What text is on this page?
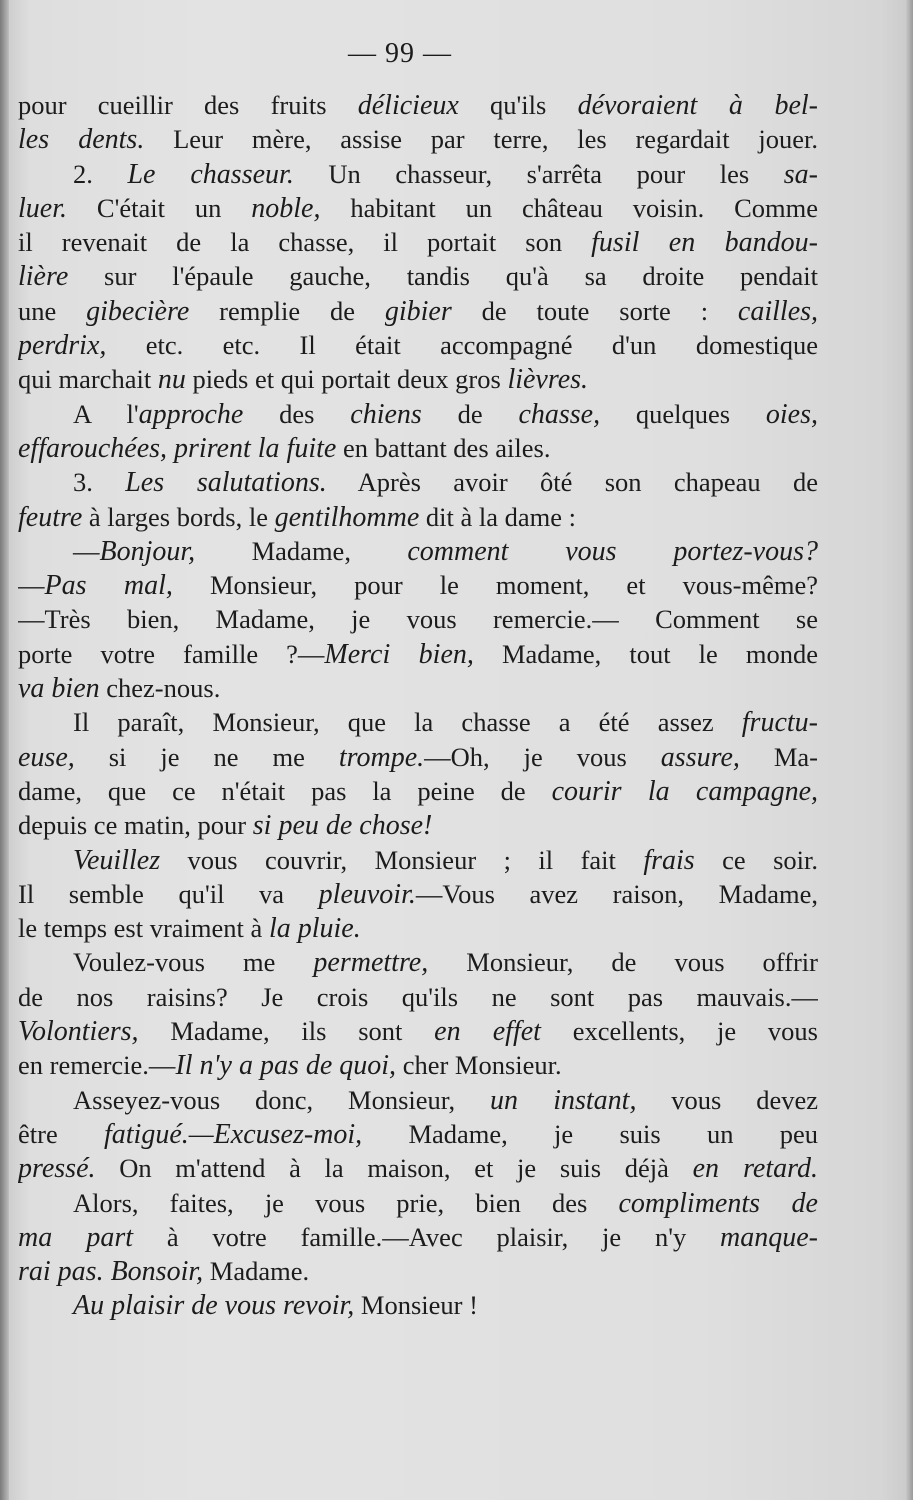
— 99 —
pour cueillir des fruits délicieux qu'ils dévoraient à bel-
les dents. Leur mère, assise par terre, les regardait jouer.
2. Le chasseur. Un chasseur, s'arrêta pour les sa-
luer. C'était un noble, habitant un château voisin. Comme
il revenait de la chasse, il portait son fusil en bandou-
lière sur l'épaule gauche, tandis qu'à sa droite pendait
une gibecière remplie de gibier de toute sorte : cailles,
perdrix, etc. etc. Il était accompagné d'un domestique
qui marchait nu pieds et qui portait deux gros lièvres.
A l'approche des chiens de chasse, quelques oies,
effarouchées, prirent la fuite en battant des ailes.
3. Les salutations. Après avoir ôté son chapeau de
feutre à larges bords, le gentilhomme dit à la dame :
—Bonjour, Madame, comment vous portez-vous?
—Pas mal, Monsieur, pour le moment, et vous-même?
—Très bien, Madame, je vous remercie.— Comment se
porte votre famille ?—Merci bien, Madame, tout le monde
va bien chez-nous.
Il paraît, Monsieur, que la chasse a été assez fructu-
euse, si je ne me trompe.—Oh, je vous assure, Ma-
dame, que ce n'était pas la peine de courir la campagne,
depuis ce matin, pour si peu de chose!
Veuillez vous couvrir, Monsieur ; il fait frais ce soir.
Il semble qu'il va pleuvoir.—Vous avez raison, Madame,
le temps est vraiment à la pluie.
Voulez-vous me permettre, Monsieur, de vous offrir
de nos raisins? Je crois qu'ils ne sont pas mauvais.—
Volontiers, Madame, ils sont en effet excellents, je vous
en remercie.—Il n'y a pas de quoi, cher Monsieur.
Asseyez-vous donc, Monsieur, un instant, vous devez
être fatigué.—Excusez-moi, Madame, je suis un peu
pressé. On m'attend à la maison, et je suis déjà en retard.
Alors, faites, je vous prie, bien des compliments de
ma part à votre famille.—Avec plaisir, je n'y manque-
rai pas. Bonsoir, Madame.
Au plaisir de vous revoir, Monsieur !
